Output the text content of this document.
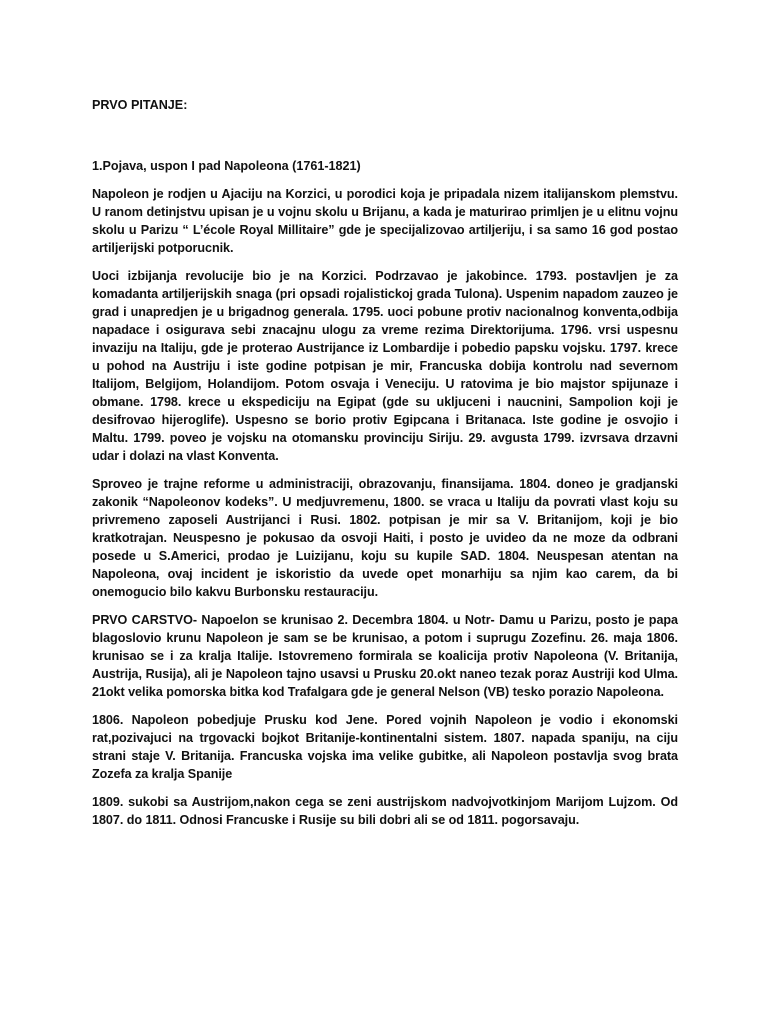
PRVO PITANJE:

1.Pojava, uspon I pad Napoleona (1761-1821)

Napoleon je rodjen u Ajaciju na Korzici, u porodici koja je pripadala nizem italijanskom plemstvu. U ranom detinjstvu upisan je u vojnu skolu u Brijanu, a kada je maturirao primljen je u elitnu vojnu skolu u Parizu “ L’école Royal Millitaire” gde je specijalizovao artiljeriju, i sa samo 16 god postao artiljerijski potporucnik.

Uoci izbijanja revolucije bio je na Korzici. Podrzavao je jakobince. 1793. postavljen je za komadanta artiljerijskih snaga (pri opsadi rojalistickoj grada Tulona). Uspenim napadom zauzeo je grad i unapredjen je u brigadnog generala. 1795. uoci pobune protiv nacionalnog konventa,odbija napadace i osigurava sebi znacajnu ulogu za vreme rezima Direktorijuma. 1796. vrsi uspesnu invaziju na Italiju, gde je proterao Austrijance iz Lombardije i pobedio papsku vojsku. 1797. krece u pohod na Austriju i iste godine potpisan je mir, Francuska dobija kontrolu nad severnom Italijom, Belgijom, Holandijom. Potom osvaja i Veneciju. U ratovima je bio majstor spijunaze i obmane. 1798. krece u ekspediciju na Egipat (gde su ukljuceni i naucnini, Sampolion koji je desifrovao hijeroglife). Uspesno se borio protiv Egipcana i Britanaca. Iste godine je osvojio i Maltu. 1799. poveo je vojsku na otomansku provinciju Siriju. 29. avgusta 1799. izvrsava drzavni udar i dolazi na vlast Konventa.

Sproveo je trajne reforme u administraciji, obrazovanju, finansijama. 1804. doneo je gradjanski zakonik “Napoleonov kodeks”. U medjuvremenu, 1800. se vraca u Italiju da povrati vlast koju su privremeno zaposeli Austrijanci i Rusi. 1802. potpisan je mir sa V. Britanijom, koji je bio kratkotrajan. Neuspesno je pokusao da osvoji Haiti, i posto je uvideo da ne moze da odbrani posede u S.Americi, prodao je Luizijanu, koju su kupile SAD. 1804. Neuspesan atentan na Napoleona, ovaj incident je iskoristio da uvede opet monarhiju sa njim kao carem, da bi onemogucio bilo kakvu Burbonsku restauraciju.

PRVO CARSTVO- Napoelon se krunisao 2. Decembra 1804. u Notr- Damu u Parizu, posto je papa blagoslovio krunu Napoleon je sam se be krunisao, a potom i suprugu Zozefinu. 26. maja 1806. krunisao se i za kralja Italije. Istovremeno formirala se koalicija protiv Napoleona (V. Britanija, Austrija, Rusija), ali je Napoleon tajno usavsi u Prusku 20.okt naneo tezak poraz Austriji kod Ulma. 21okt velika pomorska bitka kod Trafalgara gde je general Nelson (VB) tesko porazio Napoleona.

1806. Napoleon pobedjuje Prusku kod Jene. Pored vojnih Napoleon je vodio i ekonomski rat,pozivajuci na trgovacki bojkot Britanije-kontinentalni sistem. 1807. napada spaniju, na ciju strani staje V. Britanija. Francuska vojska ima velike gubitke, ali Napoleon postavlja svog brata Zozefa za kralja Spanije

1809. sukobi sa Austrijom,nakon cega se zeni austrijskom nadvojvotkinjom Marijom Lujzom. Od 1807. do 1811. Odnosi Francuske i Rusije su bili dobri ali se od 1811. pogorsavaju.
